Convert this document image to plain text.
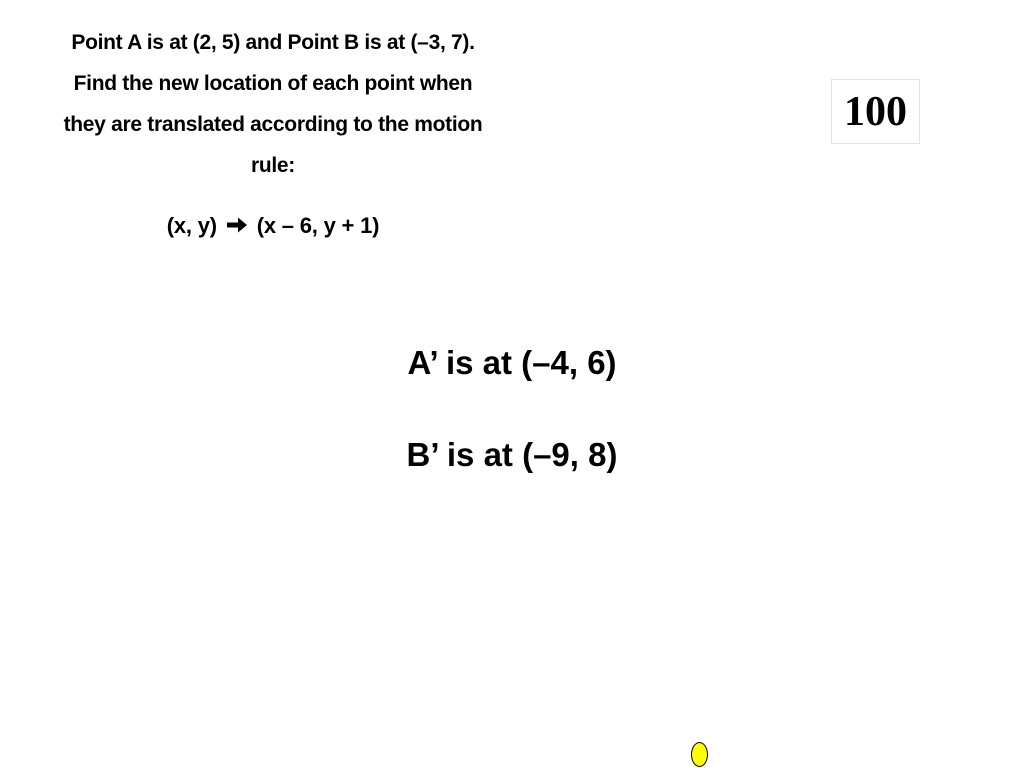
Point A is at (2, 5) and Point B is at (–3, 7).
Find the new location of each point when
they are translated according to the motion
rule:
(x, y) (x – 6, y + 1)
100
A’ is at (–4, 6)
B’ is at (–9, 8)
